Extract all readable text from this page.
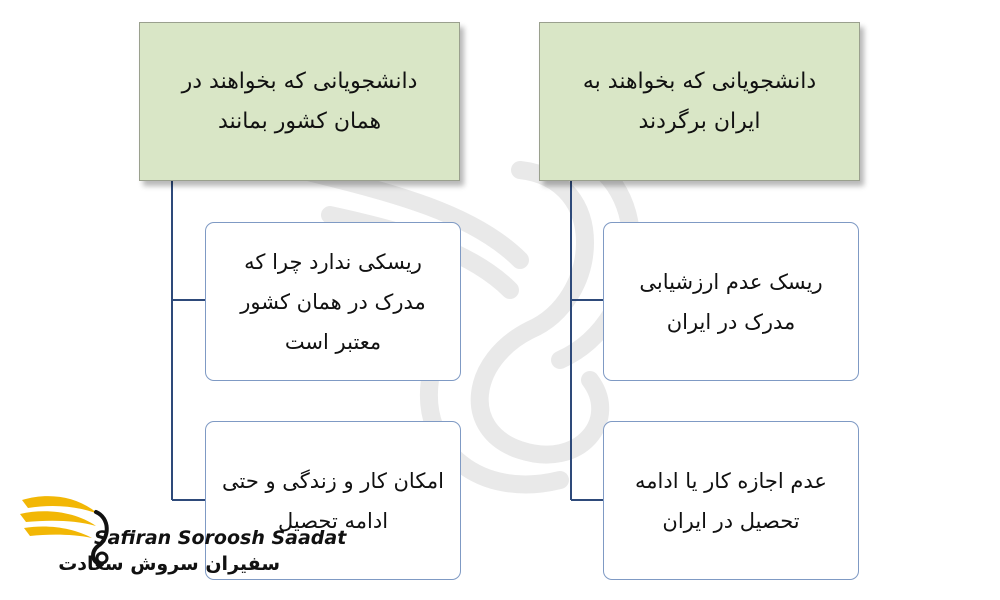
دانشجویانی که بخواهند در همان کشور بمانند
ریسکی ندارد چرا که مدرک در همان کشور معتبر است
امکان کار و زندگی و حتی ادامه تحصیل
دانشجویانی که بخواهند به ایران برگردند
ریسک عدم ارزشیابی مدرک در ایران
عدم اجازه کار یا ادامه تحصیل در ایران
Safiran Soroosh Saadat
سفیران سروش سعادت
